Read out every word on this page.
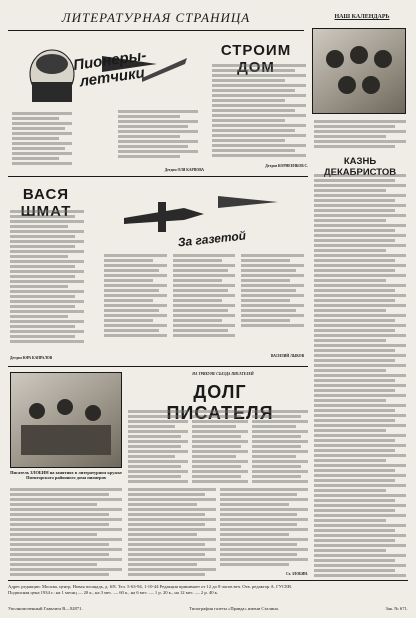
ЛИТЕРАТУРНАЯ СТРАНИЦА	НАШ КАЛЕНДАРЬ
Пионеры-летчики
Детдом ОЛЯ КАРПОВА
СТРОИМ ДОМ
Детдом КОРНЕЕНКОВ С.	КАЗНЬ ДЕКАБРИСТОВ
ВАСЯ ШМАТ
Детдом ЮРА КАПРАЛОВ
За газетой
ВАСИЛИЙ ЛЫКОВ
Писатель ЗЛОБИН на занятиях в литературном кружке Пятигорского районного дома пионеров
НА ТРИБУНЕ СЪЕЗДА ПИСАТЕЛЕЙ
ДОЛГ ПИСАТЕЛЯ
Ст. ЗЛОБИН.
Адрес редакции: Москва, центр, Новая площадь, д. 6/8. Тел. 5-63-94, 1-10-44 Редакция принимает от 12 до 8 часов веч. Отв. редактор А. ГУСЕВ.
Подписная цена 1934 г.: на 1 месяц — 20 к., на 3 мес. — 60 к., на 6 мес. — 1 р. 20 к., на 12 мес. — 2 р. 40 к.
Уполномоченный Главлита В—92871.	Типография газеты «Правда» имени Сталина.	Зак. № 671.
